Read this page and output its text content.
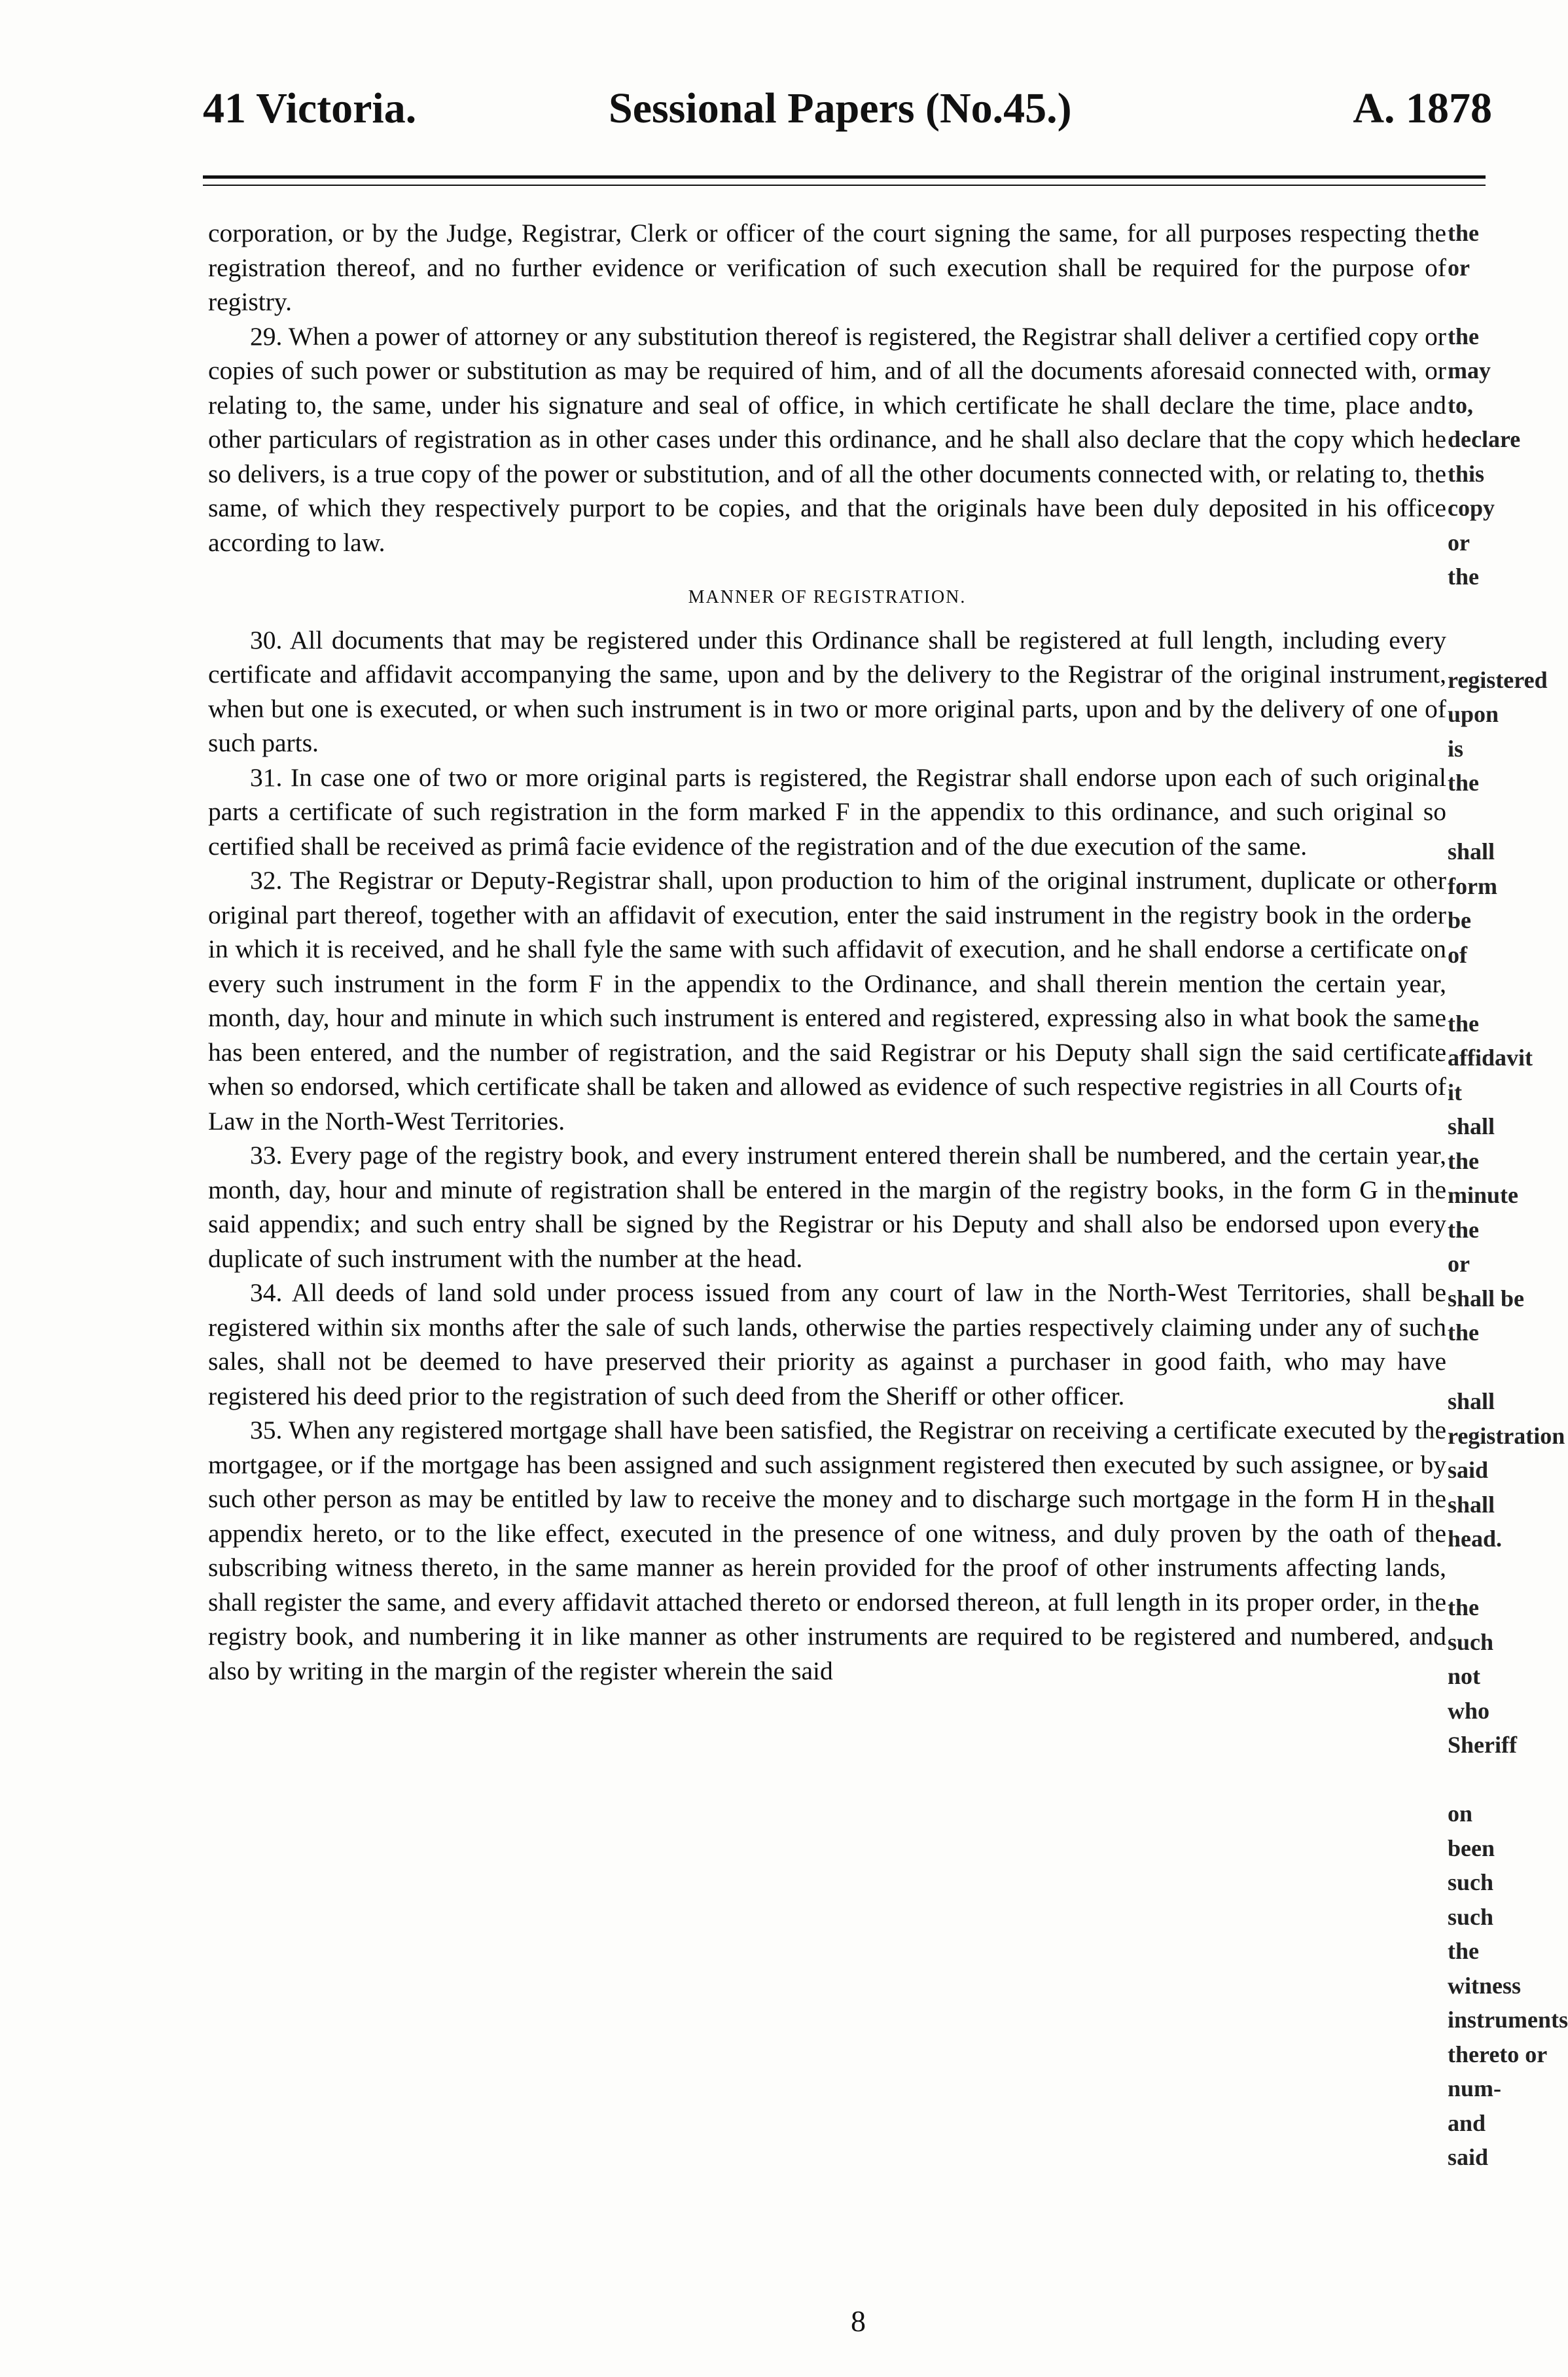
41 Victoria.	Sessional Papers (No.45.)	A. 1878

corporation, or by the Judge, Registrar, Clerk or officer of the court signing the same, for all purposes respecting the registration thereof, and no further evidence or verification of such execution shall be required for the purpose of registry.

29. When a power of attorney or any substitution thereof is registered, the Registrar shall deliver a certified copy or copies of such power or substitution as may be required of him, and of all the documents aforesaid connected with, or relating to, the same, under his signature and seal of office, in which certificate he shall declare the time, place and other particulars of registration as in other cases under this ordinance, and he shall also declare that the copy which he so delivers, is a true copy of the power or substitution, and of all the other documents connected with, or relating to, the same, of which they respectively purport to be copies, and that the originals have been duly deposited in his office according to law.

MANNER OF REGISTRATION.

30. All documents that may be registered under this Ordinance shall be registered at full length, including every certificate and affidavit accompanying the same, upon and by the delivery to the Registrar of the original instrument, when but one is executed, or when such instrument is in two or more original parts, upon and by the delivery of one of such parts.

31. In case one of two or more original parts is registered, the Registrar shall endorse upon each of such original parts a certificate of such registration in the form marked F in the appendix to this ordinance, and such original so certified shall be received as primâ facie evidence of the registration and of the due execution of the same.

32. The Registrar or Deputy-Registrar shall, upon production to him of the original instrument, duplicate or other original part thereof, together with an affidavit of execution, enter the said instrument in the registry book in the order in which it is received, and he shall fyle the same with such affidavit of execution, and he shall endorse a certificate on every such instrument in the form F in the appendix to the Ordinance, and shall therein mention the certain year, month, day, hour and minute in which such instrument is entered and registered, expressing also in what book the same has been entered, and the number of registration, and the said Registrar or his Deputy shall sign the said certificate when so endorsed, which certificate shall be taken and allowed as evidence of such respective registries in all Courts of Law in the North-West Territories.

33. Every page of the registry book, and every instrument entered therein shall be numbered, and the certain year, month, day, hour and minute of registration shall be entered in the margin of the registry books, in the form G in the said appendix; and such entry shall be signed by the Registrar or his Deputy and shall also be endorsed upon every duplicate of such instrument with the number at the head.

34. All deeds of land sold under process issued from any court of law in the North-West Territories, shall be registered within six months after the sale of such lands, otherwise the parties respectively claiming under any of such sales, shall not be deemed to have preserved their priority as against a purchaser in good faith, who may have registered his deed prior to the registration of such deed from the Sheriff or other officer.

35. When any registered mortgage shall have been satisfied, the Registrar on receiving a certificate executed by the mortgagee, or if the mortgage has been assigned and such assignment registered then executed by such assignee, or by such other person as may be entitled by law to receive the money and to discharge such mortgage in the form H in the appendix hereto, or to the like effect, executed in the presence of one witness, and duly proven by the oath of the subscribing witness thereto, in the same manner as herein provided for the proof of other instruments affecting lands, shall register the same, and every affidavit attached thereto or endorsed thereon, at full length in its proper order, in the registry book, and numbering it in like manner as other instruments are required to be registered and numbered, and also by writing in the margin of the register wherein the said

the
or
the
may
to,
declare
this
copy
or
the
registered
upon
is
the
shall
form
be
of
the
affidavit
it
shall
the
minute
the
or
shall be
the
shall
registration
said
shall
head.
the
such
not
who
Sheriff
on
been
such
such
the
witness
instruments
thereto or
num-
and
said
8
